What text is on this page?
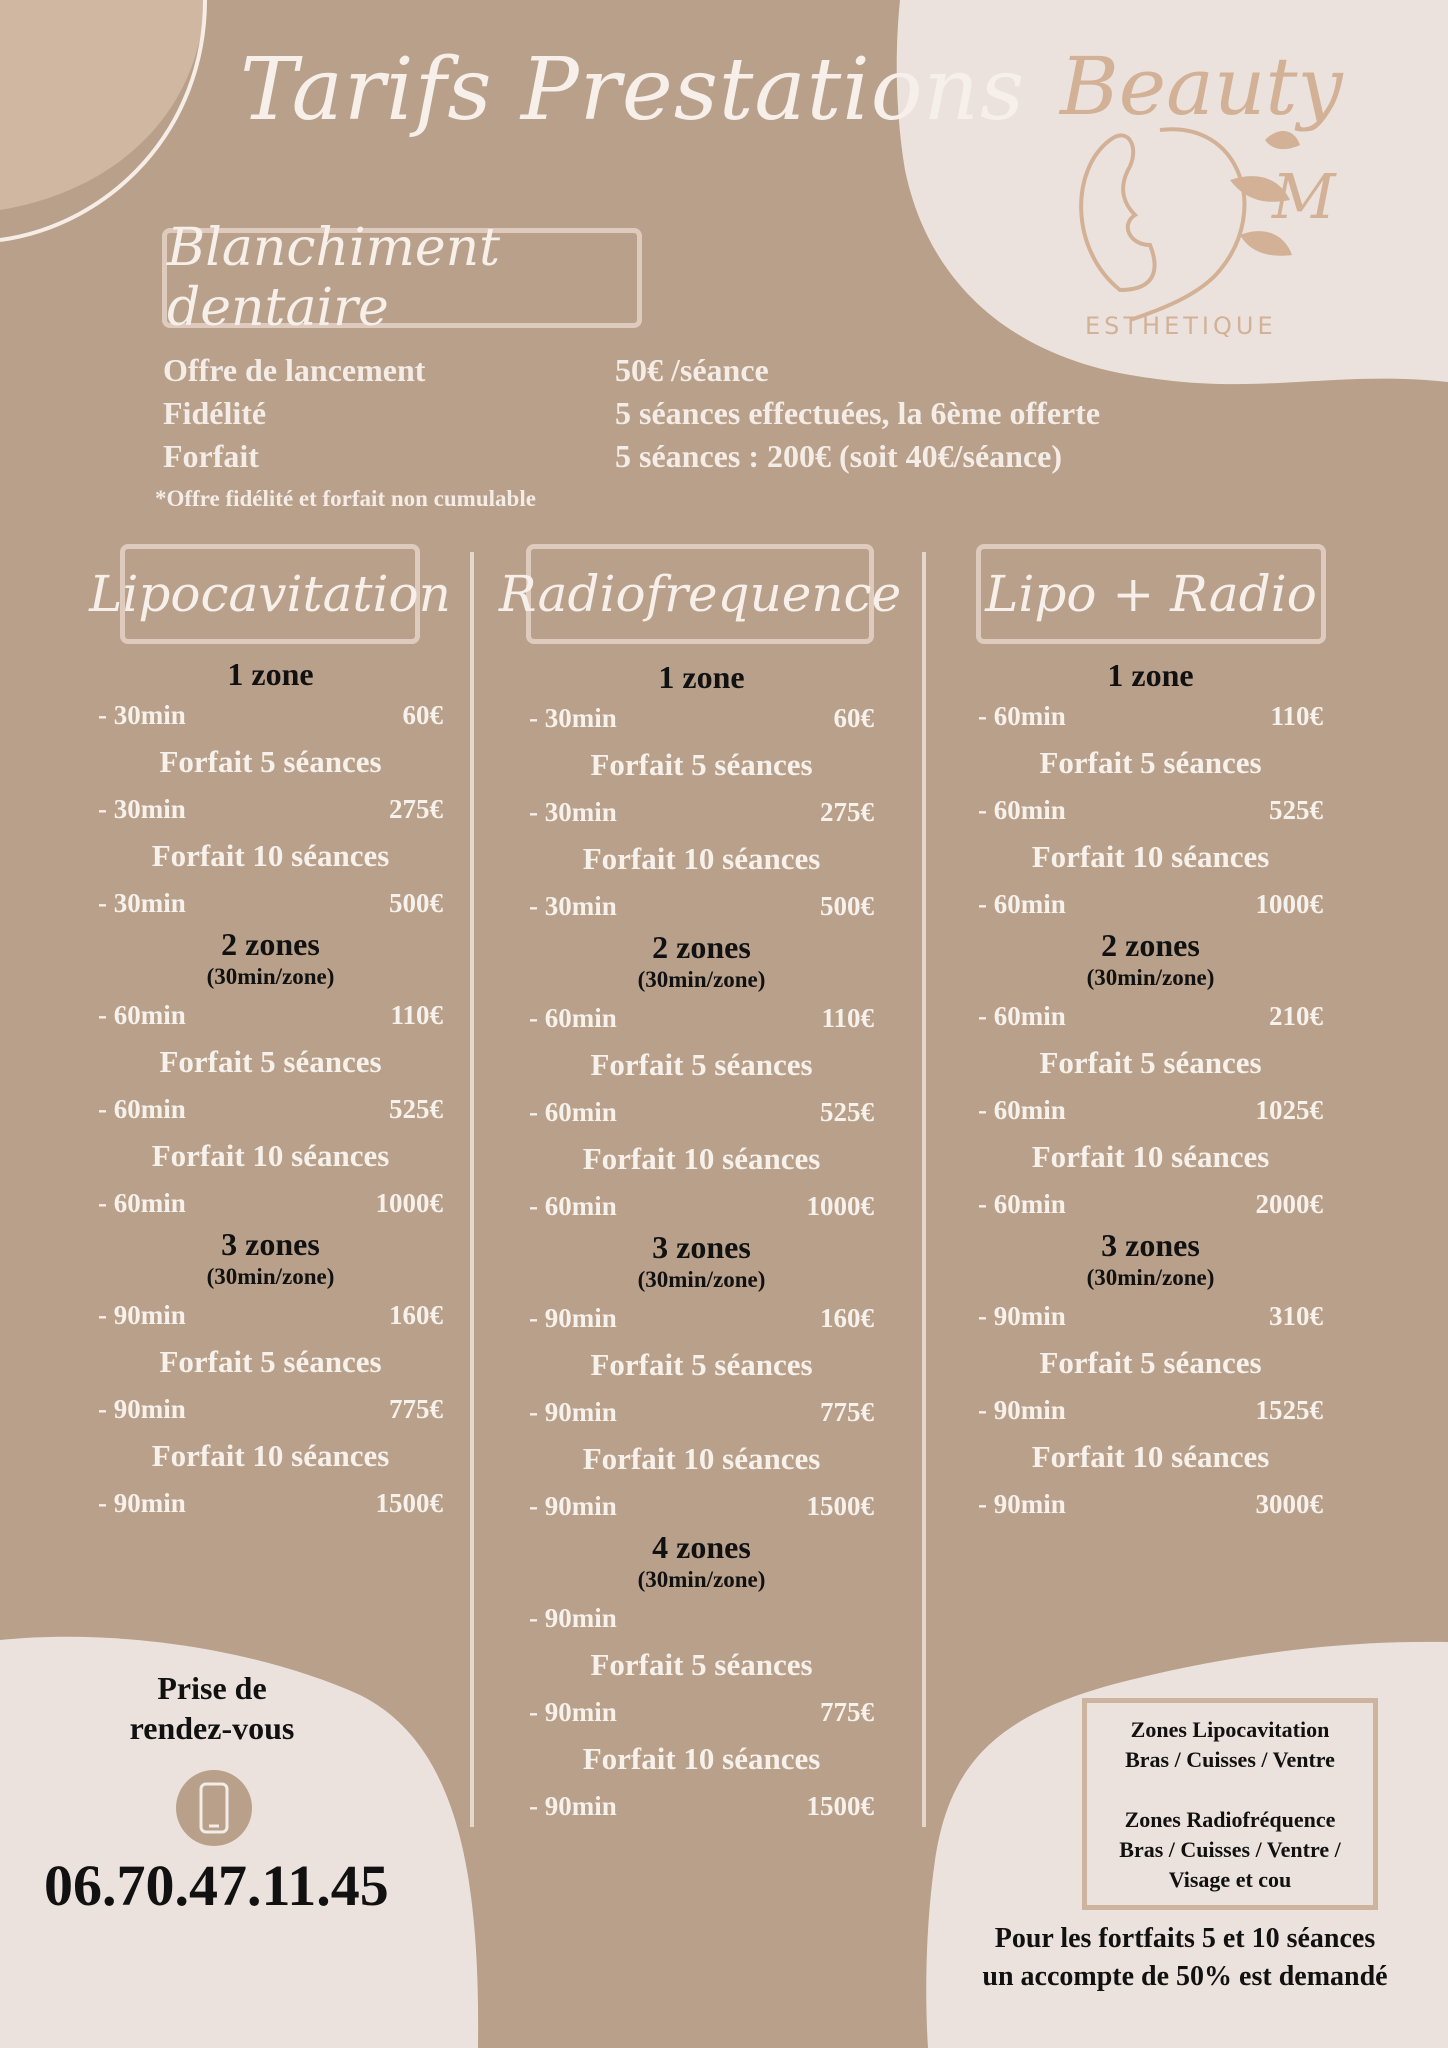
Tarifs Prestations Beauty
M
ESTHETIQUE
Blanchiment dentaire
Offre de lancement	50€ /séance
Fidélité	5 séances effectuées, la 6ème offerte
Forfait	5 séances : 200€ (soit 40€/séance)
*Offre fidélité et forfait non cumulable
Lipocavitation Radiofrequence Lipo + Radio
1 zone
- 30min	60€
Forfait 5 séances
- 30min	275€
Forfait 10 séances
- 30min	500€
2 zones
(30min/zone)
- 60min	110€
Forfait 5 séances
- 60min	525€
Forfait 10 séances
- 60min	1000€
3 zones
(30min/zone)
- 90min	160€
Forfait 5 séances
- 90min	775€
Forfait 10 séances
- 90min	1500€
1 zone
- 30min	60€
Forfait 5 séances
- 30min	275€
Forfait 10 séances
- 30min	500€
2 zones
(30min/zone)
- 60min	110€
Forfait 5 séances
- 60min	525€
Forfait 10 séances
- 60min	1000€
3 zones
(30min/zone)
- 90min	160€
Forfait 5 séances
- 90min	775€
Forfait 10 séances
- 90min	1500€
4 zones
(30min/zone)
- 90min
Forfait 5 séances
- 90min	775€
Forfait 10 séances
- 90min	1500€
1 zone
- 60min	110€
Forfait 5 séances
- 60min	525€
Forfait 10 séances
- 60min	1000€
2 zones
(30min/zone)
- 60min	210€
Forfait 5 séances
- 60min	1025€
Forfait 10 séances
- 60min	2000€
3 zones
(30min/zone)
- 90min	310€
Forfait 5 séances
- 90min	1525€
Forfait 10 séances
- 90min	3000€
Prise de
rendez-vous
06.70.47.11.45
Zones Lipocavitation
Bras / Cuisses / Ventre
Zones Radiofréquence
Bras / Cuisses / Ventre /
Visage et cou
Pour les fortfaits 5 et 10 séances
un accompte de 50% est demandé
